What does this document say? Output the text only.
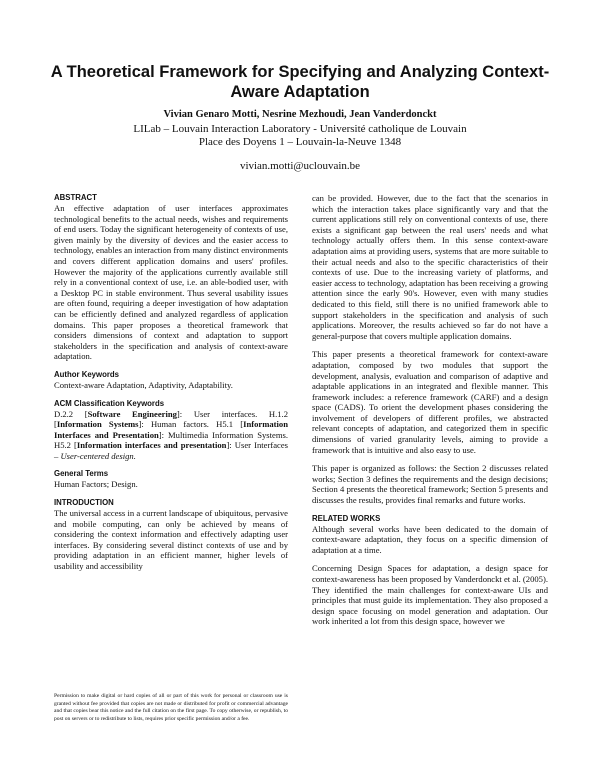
A Theoretical Framework for Specifying and Analyzing Context-Aware Adaptation
Vivian Genaro Motti, Nesrine Mezhoudi, Jean Vanderdonckt
LILab – Louvain Interaction Laboratory - Université catholique de Louvain
Place des Doyens 1 – Louvain-la-Neuve 1348
vivian.motti@uclouvain.be

ABSTRACT

An effective adaptation of user interfaces approximates technological benefits to the actual needs, wishes and requirements of end users. Today the significant heterogeneity of contexts of use, given mainly by the diversity of devices and the easier access to technology, enables an interaction from many distinct environments and covers different application domains and users' profiles. However the majority of the applications currently available still rely in a conventional context of use, i.e. an able-bodied user, with a Desktop PC in stable environment. Thus several usability issues are often found, requiring a deeper investigation of how adaptation can be efficiently defined and analyzed regardless of application domains. This paper proposes a theoretical framework that considers dimensions of context and adaptation to support stakeholders in the specification and analysis of context-aware adaptation.

Author Keywords

Context-aware Adaptation, Adaptivity, Adaptability.

ACM Classification Keywords

D.2.2 [Software Engineering]: User interfaces. H.1.2 [Information Systems]: Human factors. H5.1 [Information Interfaces and Presentation]: Multimedia Information Systems. H5.2 [Information interfaces and presentation]: User Interfaces – User-centered design.

General Terms

Human Factors; Design.

INTRODUCTION

The universal access in a current landscape of ubiquitous, pervasive and mobile computing, can only be achieved by means of considering the context information and effectively adapting user interfaces. By considering several distinct contexts of use and by providing adaptation in an efficient manner, higher levels of usability and accessibility

Permission to make digital or hard copies of all or part of this work for personal or classroom use is granted without fee provided that copies are not made or distributed for profit or commercial advantage and that copies bear this notice and the full citation on the first page. To copy otherwise, or republish, to post on servers or to redistribute to lists, requires prior specific permission and/or a fee.

can be provided. However, due to the fact that the scenarios in which the interaction takes place significantly vary and that the current applications still rely on conventional contexts of use, there exists a significant gap between the real users' needs and what technology actually offers them. In this sense context-aware adaptation aims at providing users, systems that are more suitable to their actual needs and also to the specific characteristics of their contexts of use. Due to the increasing variety of platforms, and easier access to technology, adaptation has been receiving a growing attention since the early 90's. However, even with many studies dedicated to this field, still there is no unified framework able to support stakeholders in the specification and analysis of such applications. Moreover, the results achieved so far do not have a general-purpose that covers multiple application domains.

This paper presents a theoretical framework for context-aware adaptation, composed by two modules that support the development, analysis, evaluation and comparison of adaptive and adaptable applications in an integrated and flexible manner. This framework includes: a reference framework (CARF) and a design space (CADS). To orient the development phases considering the involvement of developers of different profiles, we abstracted relevant concepts of adaptation, and categorized them in specific dimensions of varied granularity levels, aiming to provide a framework that is intuitive and also easy to use.

This paper is organized as follows: the Section 2 discusses related works; Section 3 defines the requirements and the design decisions; Section 4 presents the theoretical framework; Section 5 presents and discusses the results, provides final remarks and future works.

RELATED WORKS

Although several works have been dedicated to the domain of context-aware adaptation, they focus on a specific dimension of adaptation at a time.

Concerning Design Spaces for adaptation, a design space for context-awareness has been proposed by Vanderdonckt et al. (2005). They identified the main challenges for context-aware UIs and principles that must guide its implementation. They also proposed a design space focusing on model generation and adaptation. Our work inherited a lot from this design space, however we
